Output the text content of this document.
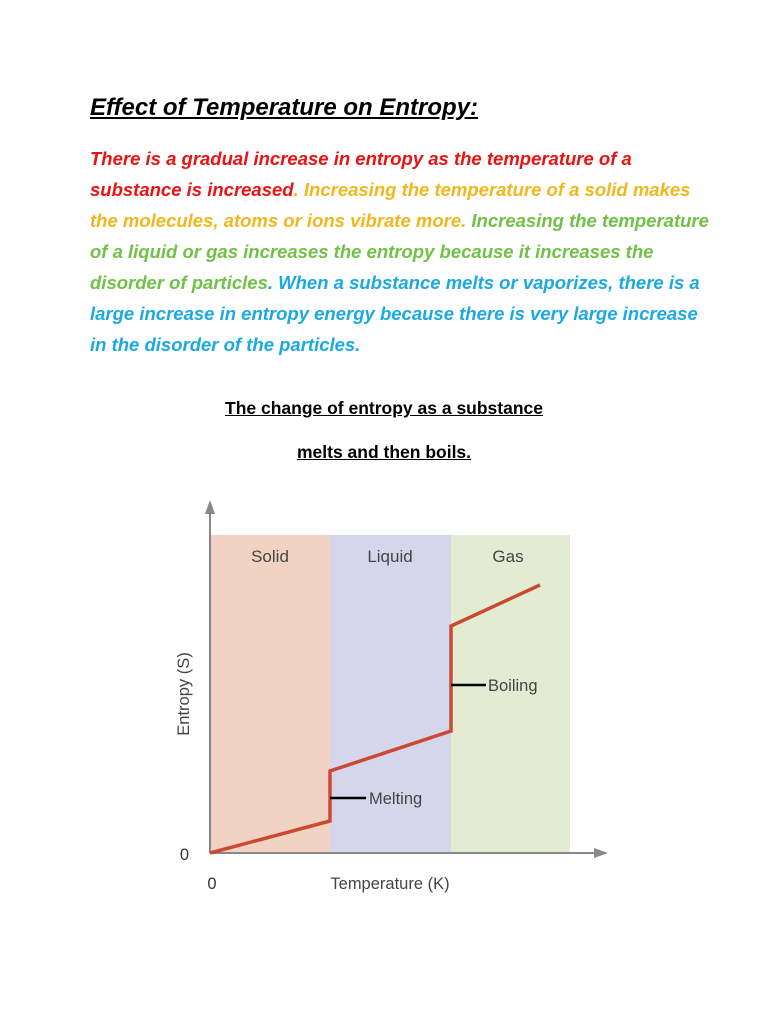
Effect of Temperature on Entropy:

There is a gradual increase in entropy as the temperature of a substance is increased. Increasing the temperature of a solid makes the molecules, atoms or ions vibrate more. Increasing the temperature of a liquid or gas increases the entropy because it increases the disorder of particles. When a substance melts or vaporizes, there is a large increase in entropy energy because there is very large increase in the disorder of the particles.

The change of entropy as a substance

melts and then boils.

Solid	Liquid	Gas
Melting
Boiling
0
0	Temperature (K)
Entropy (S)
